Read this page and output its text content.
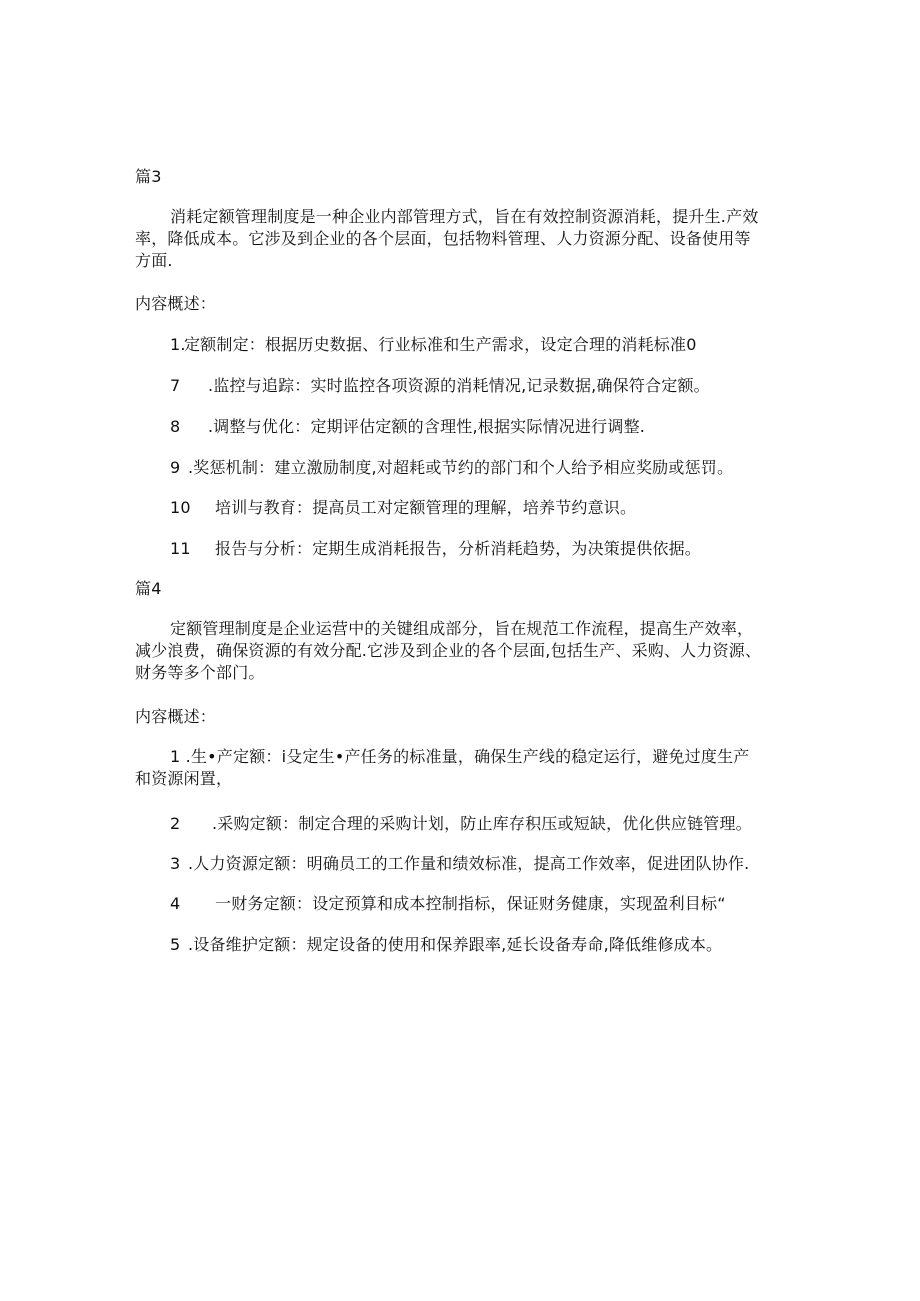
篇3
消耗定额管理制度是一种企业内部管理方式，旨在有效控制资源消耗，提升生.产效
率，降低成本。它涉及到企业的各个层面，包括物料管理、人力资源分配、设备使用等
方面.
内容概述：
1.定额制定：根据历史数据、行业标准和生产需求，设定合理的消耗标准0
7 .监控与追踪：实时监控各项资源的消耗情况,记录数据,确保符合定额。
8 .调整与优化：定期评估定额的含理性,根据实际情况进行调整.
9 .奖惩机制：建立激励制度,对超耗或节约的部门和个人给予相应奖励或惩罚。
10 培训与教育：提高员工对定额管理的理解，培养节约意识。
11 报告与分析：定期生成消耗报告，分析消耗趋势，为决策提供依据。
篇4
定额管理制度是企业运营中的关键组成部分，旨在规范工作流程，提高生产效率，
减少浪费，确保资源的有效分配.它涉及到企业的各个层面,包括生产、采购、人力资源、
财务等多个部门。
内容概述：
1 .生•产定额：i殳定生•产任务的标准量，确保生产线的稳定运行，避免过度生产
和资源闲置，
2 .采购定额：制定合理的采购计划，防止库存积压或短缺，优化供应链管理。
3 .人力资源定额：明确员工的工作量和绩效标准，提高工作效率，促进团队协作.
4 一财务定额：设定预算和成本控制指标，保证财务健康，实现盈利目标“
5 .设备维护定额：规定设备的使用和保养跟率,延长设备寿命,降低维修成本。
